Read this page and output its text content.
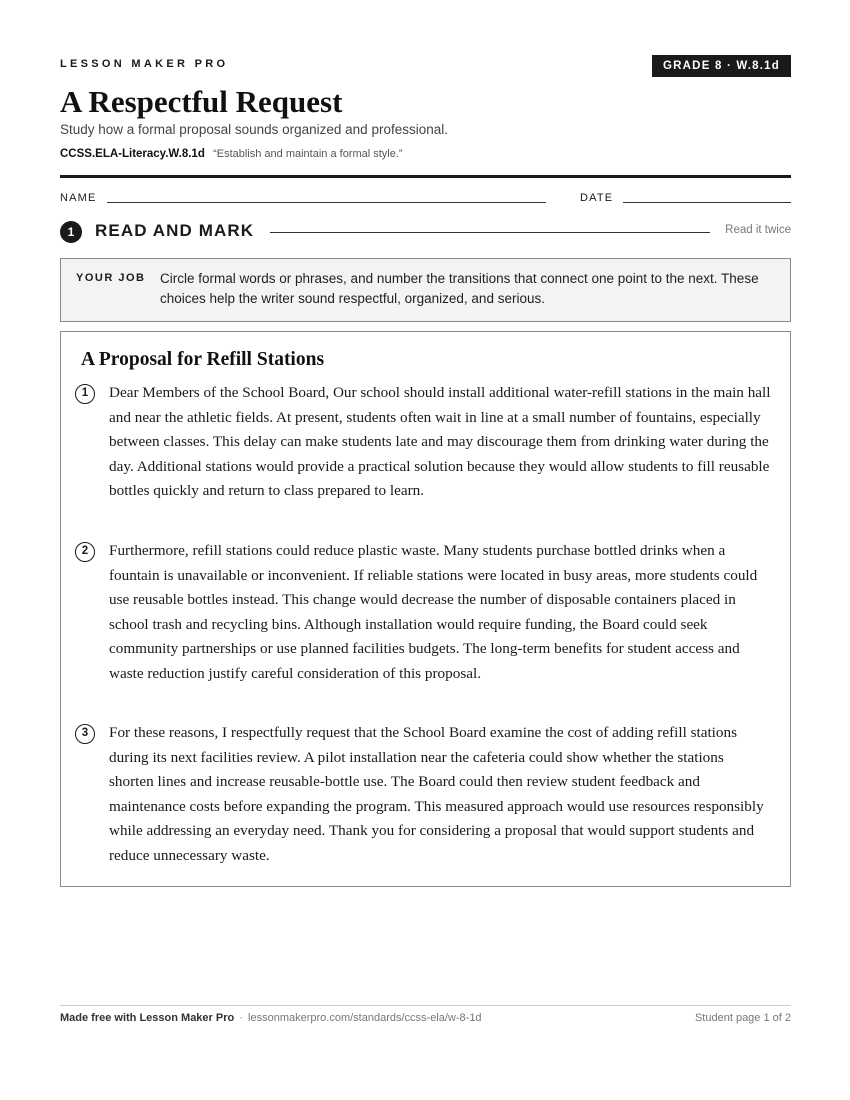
LESSON MAKER PRO	GRADE 8 · W.8.1d
A Respectful Request

Study how a formal proposal sounds organized and professional.

CCSS.ELA-Literacy.W.8.1d “Establish and maintain a formal style.”

NAME	DATE
1	READ AND MARK	Read it twice
YOUR JOB Circle formal words or phrases, and number the transitions that connect one point to the next. These choices help the writer sound respectful, organized, and serious.

A Proposal for Refill Stations
1	Dear Members of the School Board, Our school should install additional water-refill stations in the main hall and near the athletic fields. At present, students often wait in line at a small number of fountains, especially between classes. This delay can make students late and may discourage them from drinking water during the day. Additional stations would provide a practical solution because they would allow students to fill reusable bottles quickly and return to class prepared to learn.

2	Furthermore, refill stations could reduce plastic waste. Many students purchase bottled drinks when a fountain is unavailable or inconvenient. If reliable stations were located in busy areas, more students could use reusable bottles instead. This change would decrease the number of disposable containers placed in school trash and recycling bins. Although installation would require funding, the Board could seek community partnerships or use planned facilities budgets. The long-term benefits for student access and waste reduction justify careful consideration of this proposal.

3	For these reasons, I respectfully request that the School Board examine the cost of adding refill stations during its next facilities review. A pilot installation near the cafeteria could show whether the stations shorten lines and increase reusable-bottle use. The Board could then review student feedback and maintenance costs before expanding the program. This measured approach would use resources responsibly while addressing an everyday need. Thank you for considering a proposal that would support students and reduce unnecessary waste.

Made free with Lesson Maker Pro · lessonmakerpro.com/standards/ccss-ela/w-8-1d	Student page 1 of 2
